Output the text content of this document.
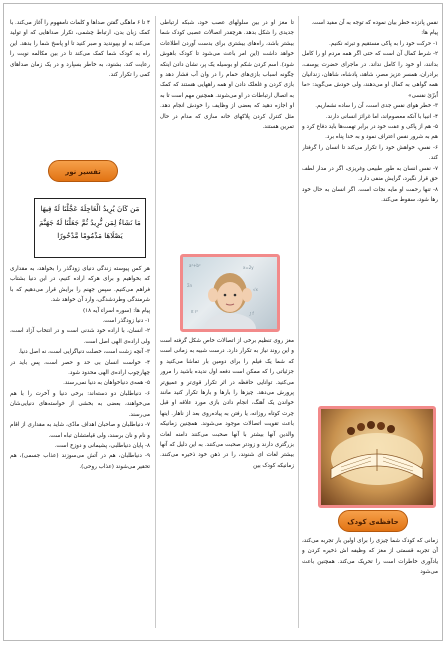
نفس پانزده خطر بیان نموده که توجه به آن مفید است.

پیام ها:

۱- حرکت خود را به پاکی مستقیم و تبرئه نکنیم.

۲- شرط کمال آن است که حتی اگر همه مردم او را کامل بدانند، او خود را کامل نداند. در ماجرای حضرت یوسف، برادران، همسر عزیز مصر، شاهد، پادشاه، شاهان، زندانیان همه گواهی به کمال او می‌دهند، ولی خودش می‌گوید: «ما اُبرّئ نفسی»

۳- خطر هوای نفس جدی است، آن را ساده نشماریم.

۴- انبیا با آنکه معصوم‌اند، اما غرائز انسانی دارند.

۵- هم از پاکی و عفت خود در برابر تهمت‌ها باید دفاع کرد و هم به شرور نفس اعتراف نمود و به خدا پناه برد.

۶- نفس، خواهش خود را تکرار می‌کند تا انسان را گرفتار کند.

۷- نفس انسان به طور طبیعی وغریزی، اگر در مدار لطف حق قرار نگیرد، گرایش منفی دارد.

۸- تنها رحمت او مایه نجات است. اگر انسان به حال خود رها شود، سقوط می‌کند.

حافظه‌ی کودک

زمانی که کودک شما چیزی را برای اولین بار تجربه می‌کند، آن تجربه قسمتی از مغز که وظیفه اش ذخیره کردن و یادآوری خاطرات است را تحریک می‌کند. همچنین باعث می‌شود

تا مغز او در بین سلولهای عصب خود، شبکه ارتباطی جدیدی را شکل بدهد. هرچقدر اتصالات عصبی کودک شما بیشتر باشد، راه‌های بیشتری برای بدست آوردن اطلاعات خواهد داشت (این امر باعث می‌شود تا کودک باهوش شود). اسم کردن شکم او بوسیله یک پر، نشان دادن اینکه چگونه اسباب بازی‌های حمام را در وان آب فشار دهد و بازی کردن و غلغلک دادن او همه راههایی هستند که کمک به اتصال ارتباطات در او می‌شوند. همچنین مهم است تا به او اجازه دهید که بعضی از وظایف را خودش انجام دهد. مثل کنترل کردن پلاکهای خانه سازی که مدام در حال تمرین هستند.

a²+b²	x=2y
Σn
√x
π r²	∫ f

مغز روی تنظیم برخی از اتصالات خاص شکل گرفته است و این روند نیاز به تکرار دارد. درست شبیه به زمانی است که شما یک فیلم را برای دومین بار تماشا می‌کنید و جزئیاتی را که ممکن است دفعه اول ندیده باشید را مرور می‌کنید. توانایی حافظه در اثر تکرار قوی‌تر و عمیق‌تر پرورش می‌دهد. چیزها را بارها و بارها تکرار کنید مانند خواندن یک آهنگ، انجام دادن بازی مورد علاقه او قبل چرت کوتاه روزانه، یا رفتن به پیاده‌روی بعد از ناهار. اینها باعث تقویت اتصالات موجود می‌شوند. همچنین زمانیکه والدین آنها بیشتر با آنها صحبت می‌کنند دامنه لغات بزرگتری دارند و زودتر صحبت می‌کنند. به این دلیل که آنها بیشتر لغات ای شنوند، را در ذهن خود ذخیره می‌کنند. زمانیکه کودک بین

۴ تا ۶ ماهگی گفتن صداها و کلمات نامفهوم را آغاز می‌کند. با کمک زبان بدن، ارتباط چشمی، تکرار صداهایی که او تولید می‌کند به او بپیوندید و صبر کنید تا او پاسخ شما را بدهد. این راه به کودک شما کمک می‌کند تا در بین مکالمه نوبت را رعایت کند. بشنود، به خاطر بسپارد و در یک زمان صداهای کمی را تکرار کند.

تفسیر نور
مَن كَانَ يُرِيدُ الْعَاجِلَةَ عَجَّلْنَا لَهُ فِيهَا مَا نَشَاءُ لِمَن نُّرِيدُ ثُمَّ جَعَلْنَا لَهُ جَهَنَّمَ يَصْلَاهَا مَذْمُومًا مَّدْحُورًا

هر کس پیوسته زندگی دنیای زودگذر را بخواهد، به مقداری که بخواهیم و برای هرکه اراده کنیم، در این دنیا بشتاب فراهم می‌کنیم. سپس جهنم را برایش قرار می‌دهیم که با شرمندگی وطردشدگی، وارد آن خواهد شد.

پیام ها: (سوره اسراء آیه ۱۸)

۱- دنیا زودگذر است.

۲- انسان، با اراده خود شدنی است و در انتخاب آزاد است، ولی اراده‌ی الهی اصل است.

۳- آنچه زشت است، خصلت دنیاگرایی است، نه اصل دنیا.

۴- خواست انسان بی حد و حصر است، پس باید در چهارچوب اراده‌ی الهی محدود شود.

۵- همه‌ی دنیاخواهان به دنیا نمی‌رسند.

۶- دنیاطلبان دو دسته‌اند: برخی دنیا و آخرت را با هم می‌خواهند، بعضی به بخشی از خواسته‌های دنیایی‌شان می‌رسند.

۷- دنیاطلبان و صاحبان اهداف مادّی، شاید به مقداری از اقام و نام و نان برسند، ولی قیامتشان تباه است.

۸- پایان دنیاطلبی، پشیمانی و دوزخ است.

۹- دنیاطلبان، هم در آتش می‌سوزند (عذاب جسمی)، هم تحقیر می‌شوند (عذاب روحی).
